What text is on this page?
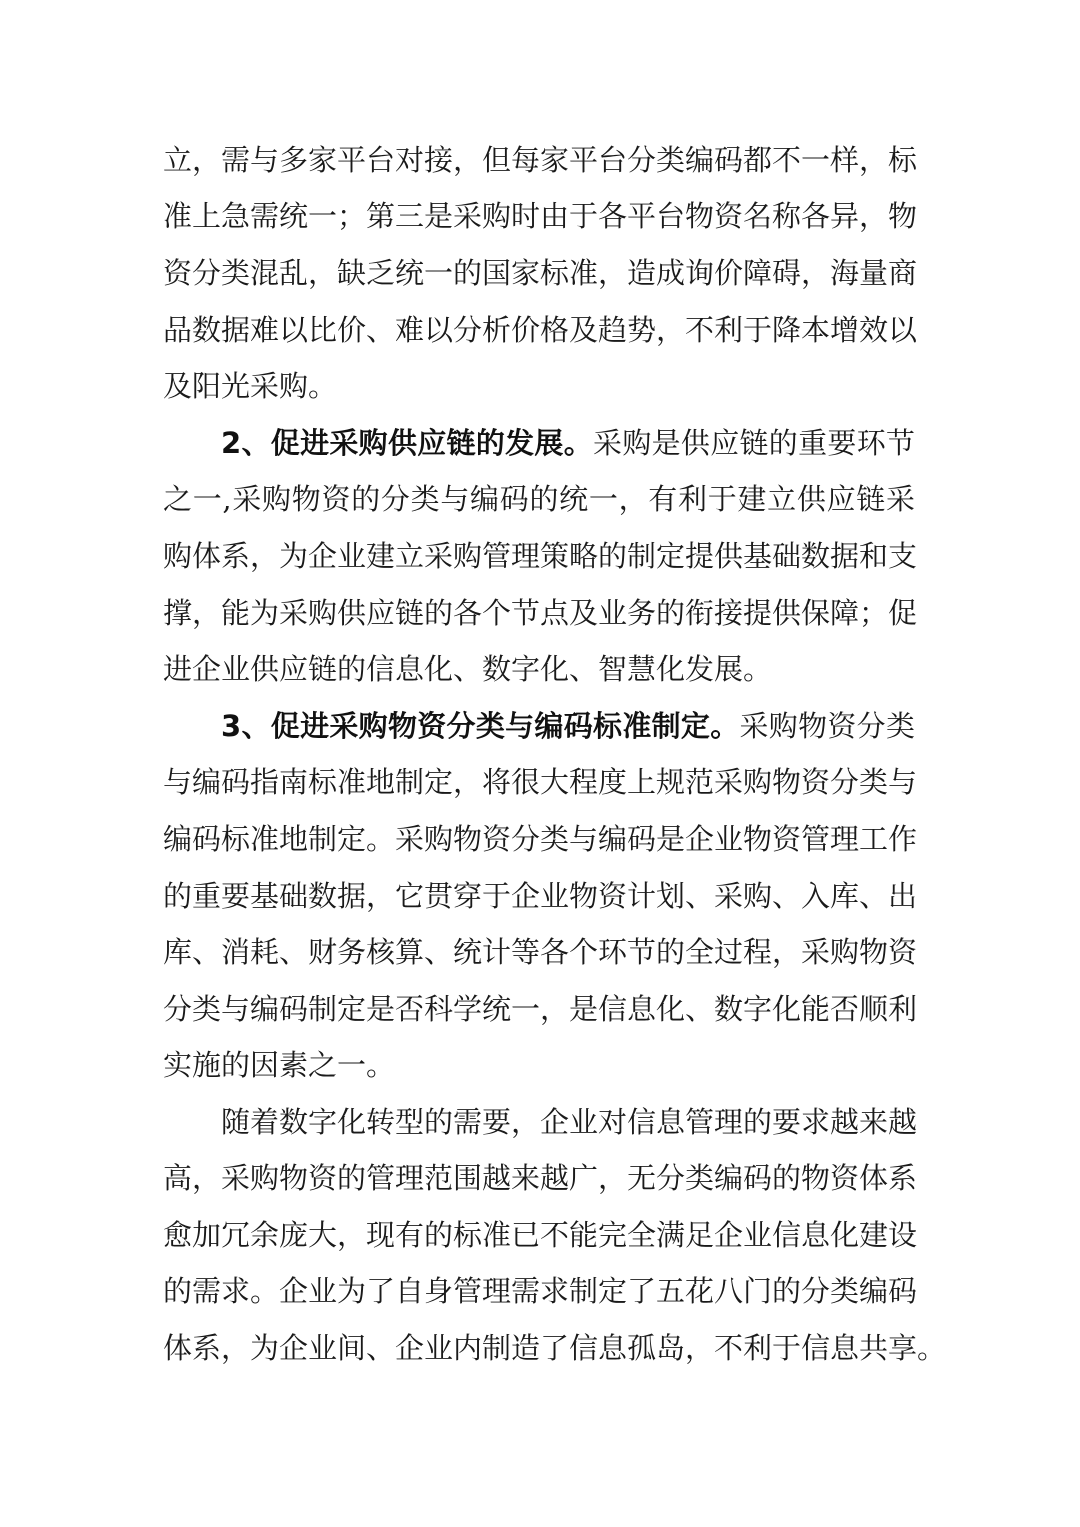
立，需与多家平台对接，但每家平台分类编码都不一样，标

准上急需统一；第三是采购时由于各平台物资名称各异，物

资分类混乱，缺乏统一的国家标准，造成询价障碍，海量商

品数据难以比价、难以分析价格及趋势，不利于降本增效以

及阳光采购。

2、促进采购供应链的发展。采购是供应链的重要环节

之一,采购物资的分类与编码的统一，有利于建立供应链采

购体系，为企业建立采购管理策略的制定提供基础数据和支

撑，能为采购供应链的各个节点及业务的衔接提供保障；促

进企业供应链的信息化、数字化、智慧化发展。

3、促进采购物资分类与编码标准制定。采购物资分类

与编码指南标准地制定，将很大程度上规范采购物资分类与

编码标准地制定。采购物资分类与编码是企业物资管理工作

的重要基础数据，它贯穿于企业物资计划、采购、入库、出

库、消耗、财务核算、统计等各个环节的全过程，采购物资

分类与编码制定是否科学统一，是信息化、数字化能否顺利

实施的因素之一。

随着数字化转型的需要，企业对信息管理的要求越来越

高，采购物资的管理范围越来越广，无分类编码的物资体系

愈加冗余庞大，现有的标准已不能完全满足企业信息化建设

的需求。企业为了自身管理需求制定了五花八门的分类编码

体系，为企业间、企业内制造了信息孤岛，不利于信息共享。
